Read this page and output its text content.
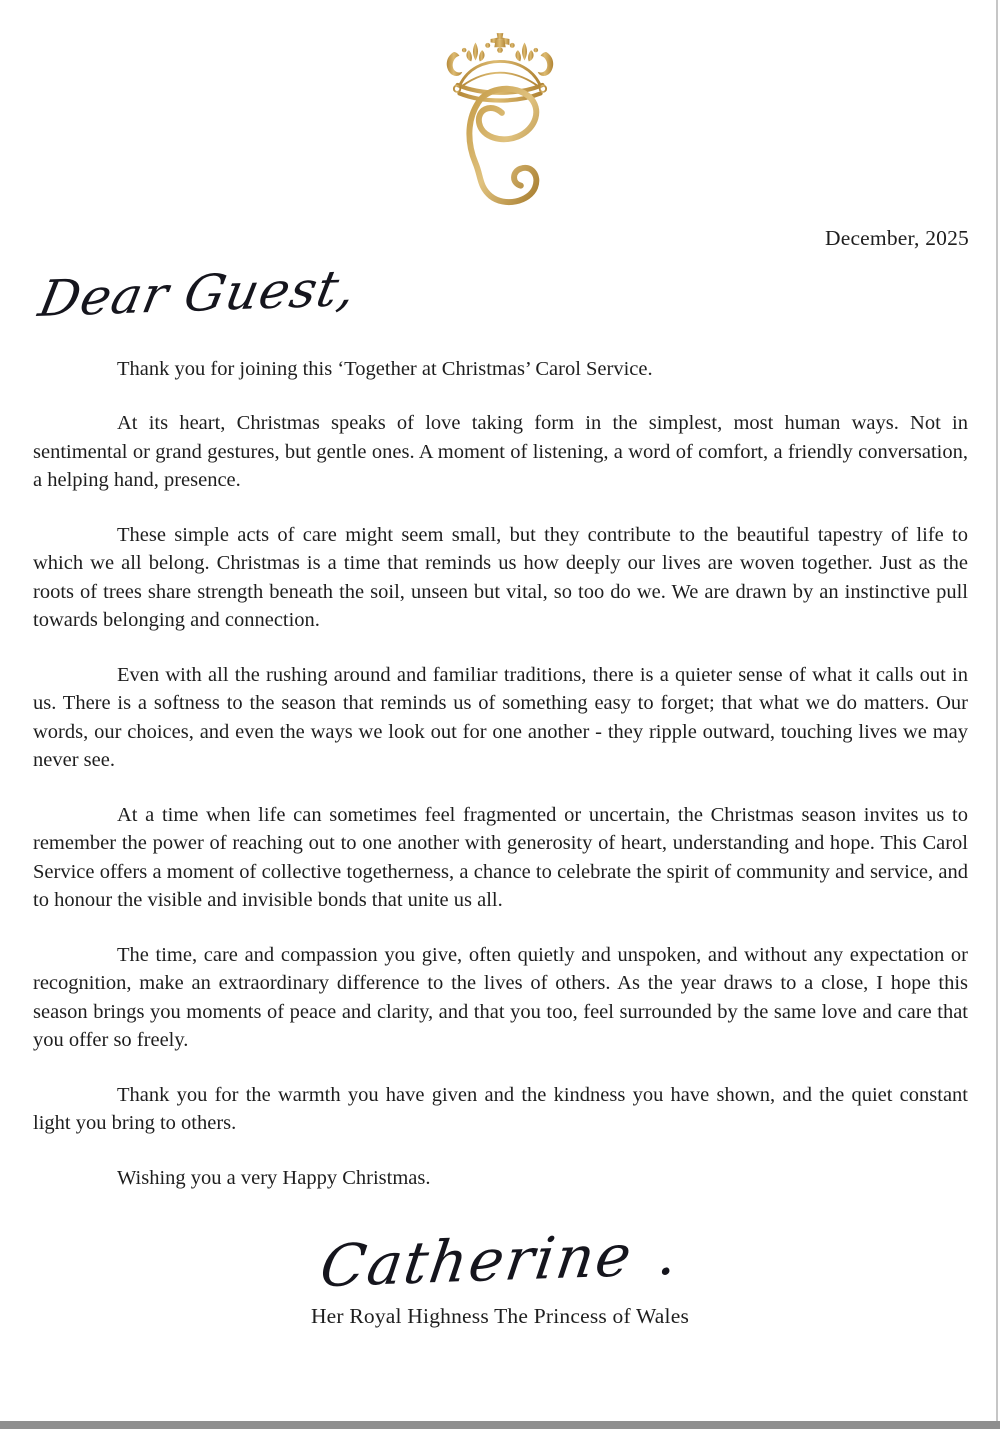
December, 2025
Dear Guest,

Thank you for joining this ‘Together at Christmas’ Carol Service.

At its heart, Christmas speaks of love taking form in the simplest, most human ways. Not in sentimental or grand gestures, but gentle ones. A moment of listening, a word of comfort, a friendly conversation, a helping hand, presence.

These simple acts of care might seem small, but they contribute to the beautiful tapestry of life to which we all belong. Christmas is a time that reminds us how deeply our lives are woven together. Just as the roots of trees share strength beneath the soil, unseen but vital, so too do we. We are drawn by an instinctive pull towards belonging and connection.

Even with all the rushing around and familiar traditions, there is a quieter sense of what it calls out in us. There is a softness to the season that reminds us of something easy to forget; that what we do matters. Our words, our choices, and even the ways we look out for one another - they ripple outward, touching lives we may never see.

At a time when life can sometimes feel fragmented or uncertain, the Christmas season invites us to remember the power of reaching out to one another with generosity of heart, understanding and hope. This Carol Service offers a moment of collective togetherness, a chance to celebrate the spirit of community and service, and to honour the visible and invisible bonds that unite us all.

The time, care and compassion you give, often quietly and unspoken, and without any expectation or recognition, make an extraordinary difference to the lives of others. As the year draws to a close, I hope this season brings you moments of peace and clarity, and that you too, feel surrounded by the same love and care that you offer so freely.

Thank you for the warmth you have given and the kindness you have shown, and the quiet constant light you bring to others.

Wishing you a very Happy Christmas.

Catherine .
Her Royal Highness The Princess of Wales
